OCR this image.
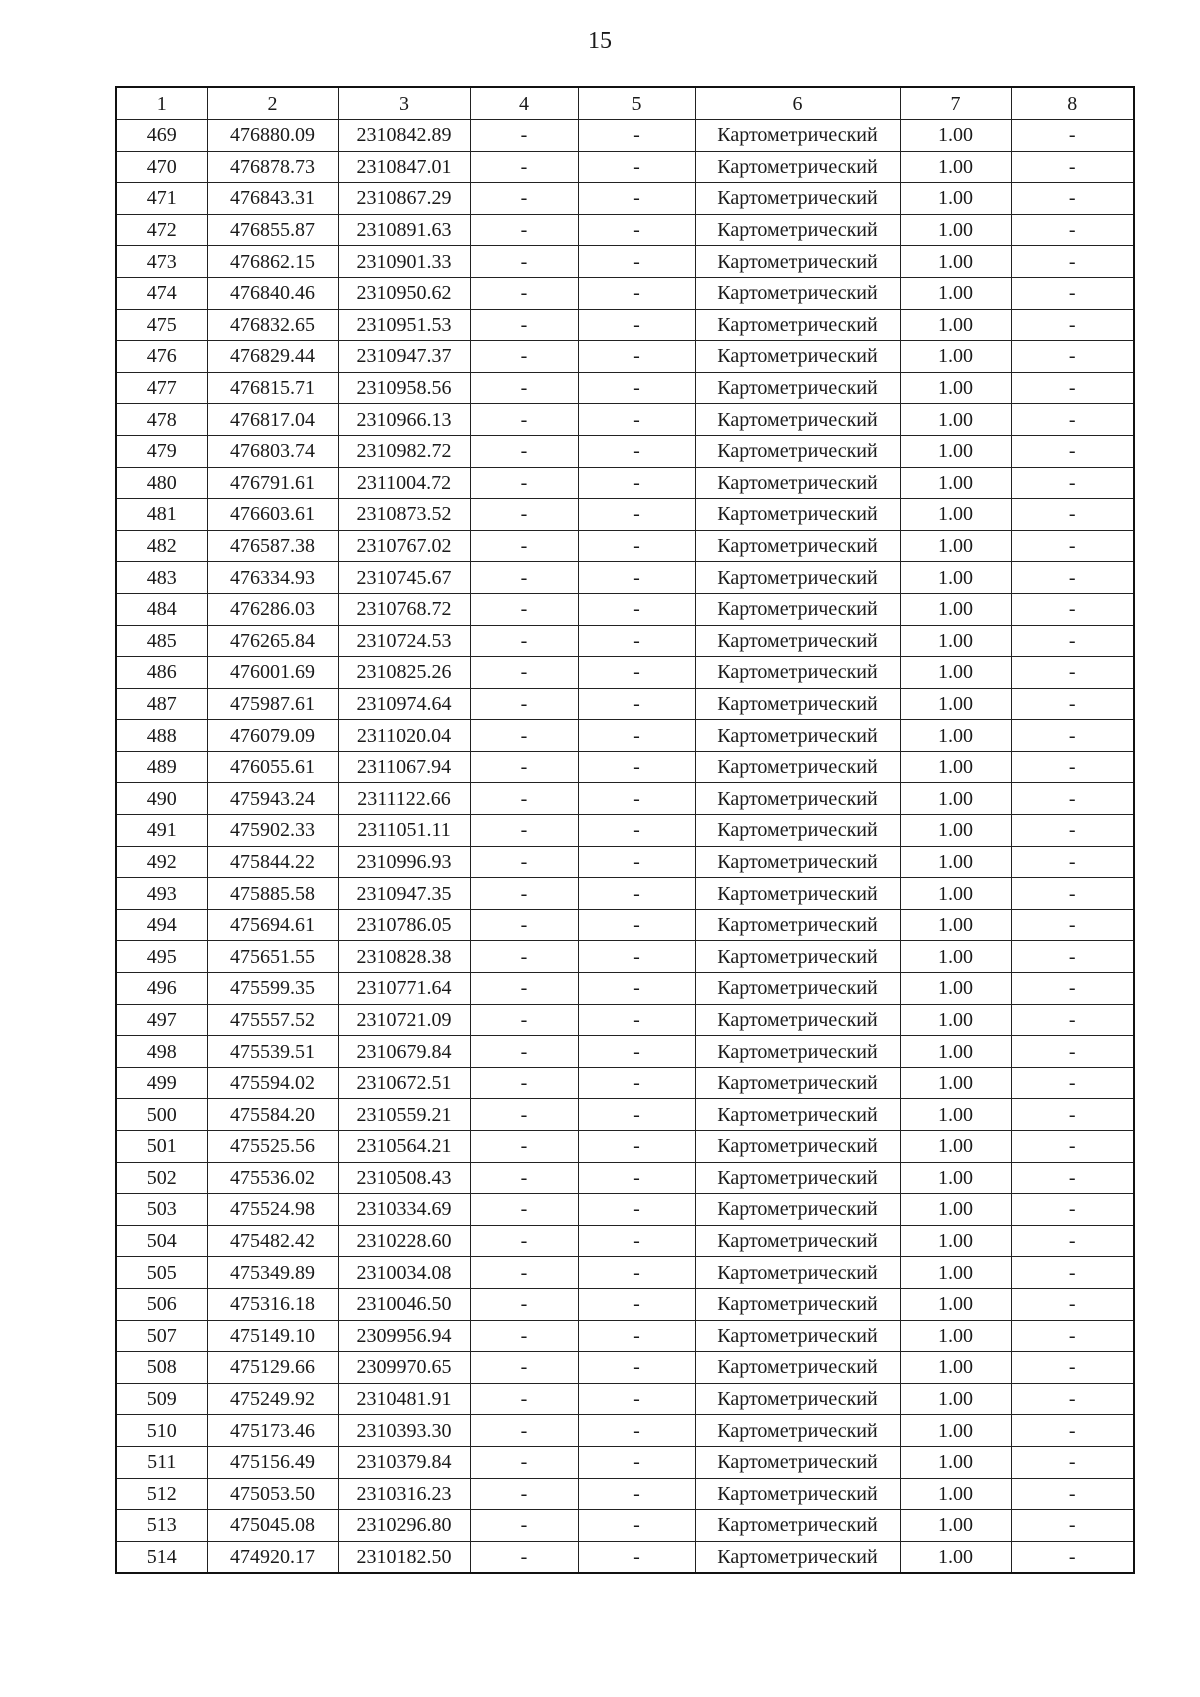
15
1	2	3	4	5	6	7	8
469	476880.09	2310842.89	-	-	Картометрический	1.00	-
470	476878.73	2310847.01	-	-	Картометрический	1.00	-
471	476843.31	2310867.29	-	-	Картометрический	1.00	-
472	476855.87	2310891.63	-	-	Картометрический	1.00	-
473	476862.15	2310901.33	-	-	Картометрический	1.00	-
474	476840.46	2310950.62	-	-	Картометрический	1.00	-
475	476832.65	2310951.53	-	-	Картометрический	1.00	-
476	476829.44	2310947.37	-	-	Картометрический	1.00	-
477	476815.71	2310958.56	-	-	Картометрический	1.00	-
478	476817.04	2310966.13	-	-	Картометрический	1.00	-
479	476803.74	2310982.72	-	-	Картометрический	1.00	-
480	476791.61	2311004.72	-	-	Картометрический	1.00	-
481	476603.61	2310873.52	-	-	Картометрический	1.00	-
482	476587.38	2310767.02	-	-	Картометрический	1.00	-
483	476334.93	2310745.67	-	-	Картометрический	1.00	-
484	476286.03	2310768.72	-	-	Картометрический	1.00	-
485	476265.84	2310724.53	-	-	Картометрический	1.00	-
486	476001.69	2310825.26	-	-	Картометрический	1.00	-
487	475987.61	2310974.64	-	-	Картометрический	1.00	-
488	476079.09	2311020.04	-	-	Картометрический	1.00	-
489	476055.61	2311067.94	-	-	Картометрический	1.00	-
490	475943.24	2311122.66	-	-	Картометрический	1.00	-
491	475902.33	2311051.11	-	-	Картометрический	1.00	-
492	475844.22	2310996.93	-	-	Картометрический	1.00	-
493	475885.58	2310947.35	-	-	Картометрический	1.00	-
494	475694.61	2310786.05	-	-	Картометрический	1.00	-
495	475651.55	2310828.38	-	-	Картометрический	1.00	-
496	475599.35	2310771.64	-	-	Картометрический	1.00	-
497	475557.52	2310721.09	-	-	Картометрический	1.00	-
498	475539.51	2310679.84	-	-	Картометрический	1.00	-
499	475594.02	2310672.51	-	-	Картометрический	1.00	-
500	475584.20	2310559.21	-	-	Картометрический	1.00	-
501	475525.56	2310564.21	-	-	Картометрический	1.00	-
502	475536.02	2310508.43	-	-	Картометрический	1.00	-
503	475524.98	2310334.69	-	-	Картометрический	1.00	-
504	475482.42	2310228.60	-	-	Картометрический	1.00	-
505	475349.89	2310034.08	-	-	Картометрический	1.00	-
506	475316.18	2310046.50	-	-	Картометрический	1.00	-
507	475149.10	2309956.94	-	-	Картометрический	1.00	-
508	475129.66	2309970.65	-	-	Картометрический	1.00	-
509	475249.92	2310481.91	-	-	Картометрический	1.00	-
510	475173.46	2310393.30	-	-	Картометрический	1.00	-
511	475156.49	2310379.84	-	-	Картометрический	1.00	-
512	475053.50	2310316.23	-	-	Картометрический	1.00	-
513	475045.08	2310296.80	-	-	Картометрический	1.00	-
514	474920.17	2310182.50	-	-	Картометрический	1.00	-
